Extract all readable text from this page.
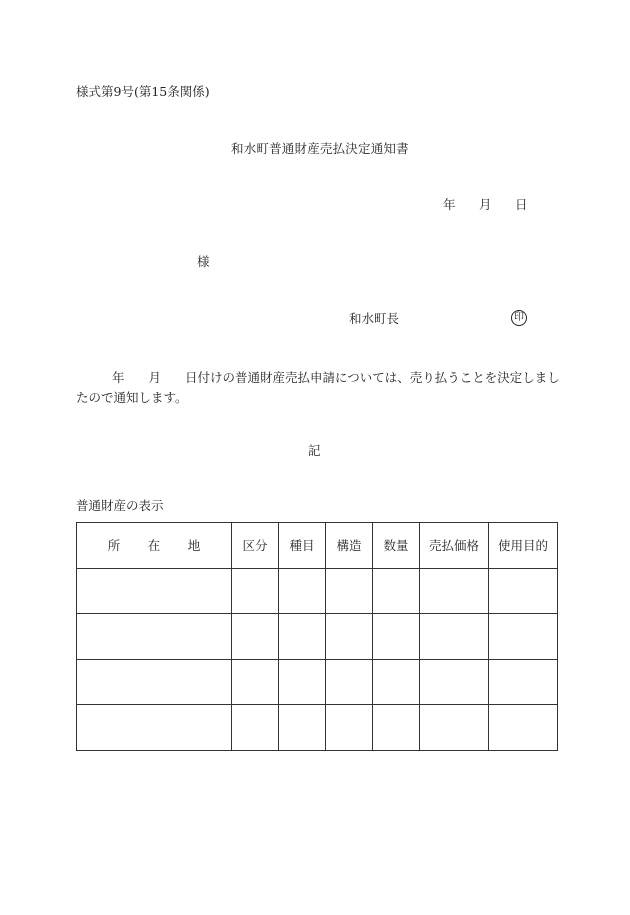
様式第9号(第15条関係)
和水町普通財産売払決定通知書
年 月 日
様
和水町長	印
年 月 日付けの普通財産売払申請については、売り払うことを決定しましたので通知します。
記
普通財産の表示
所 在 地	区分	種目	構造	数量	売払価格	使用目的
